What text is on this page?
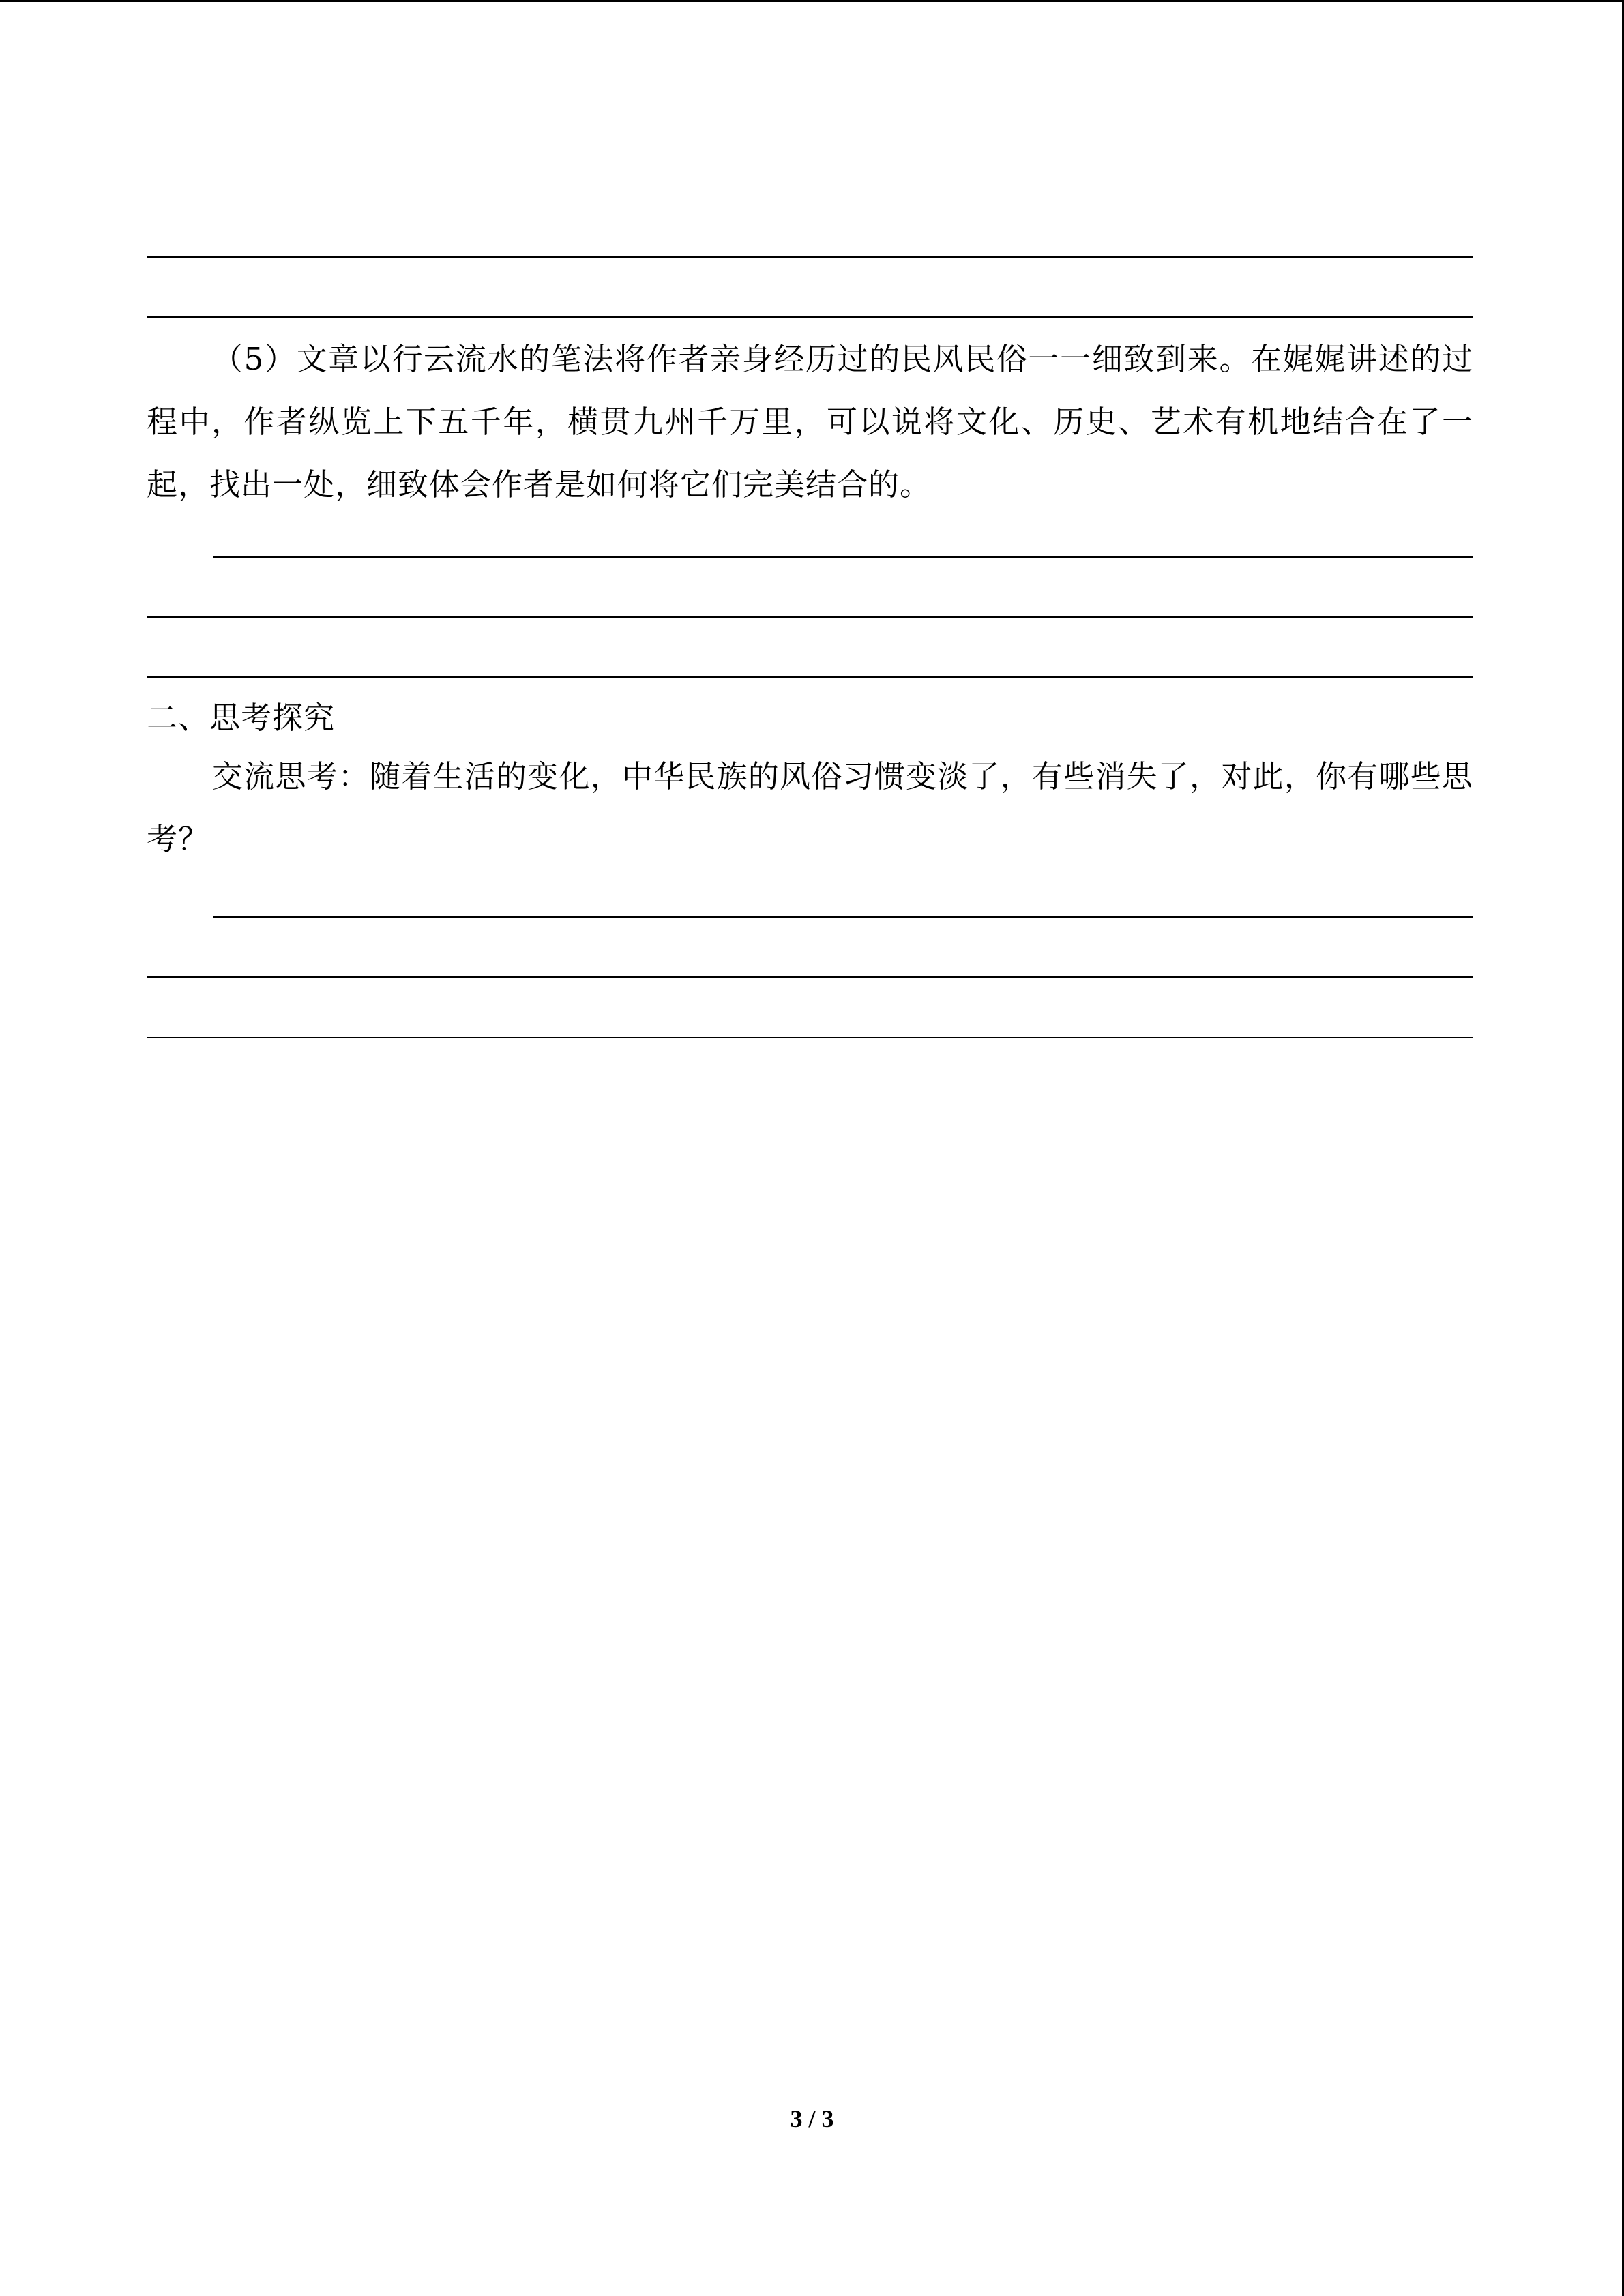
（5）文章以行云流水的笔法将作者亲身经历过的民风民俗一一细致到来。在娓娓讲述的过程中，作者纵览上下五千年，横贯九州千万里，可以说将文化、历史、艺术有机地结合在了一起，找出一处，细致体会作者是如何将它们完美结合的。

二、思考探究

交流思考：随着生活的变化，中华民族的风俗习惯变淡了，有些消失了，对此，你有哪些思考？

3 / 3
